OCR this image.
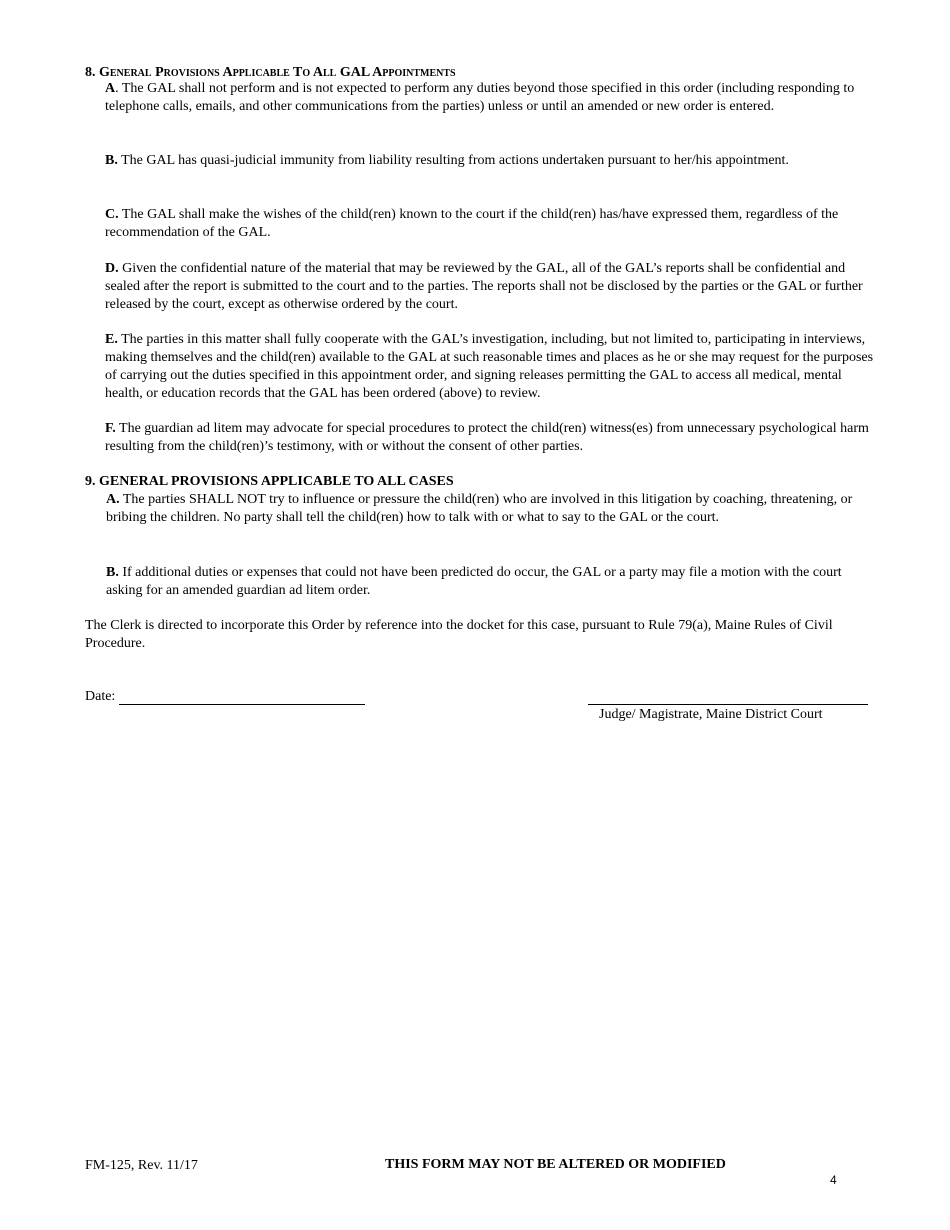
8. General Provisions Applicable To All GAL Appointments
A. The GAL shall not perform and is not expected to perform any duties beyond those specified in this order (including responding to telephone calls, emails, and other communications from the parties) unless or until an amended or new order is entered.
B. The GAL has quasi-judicial immunity from liability resulting from actions undertaken pursuant to her/his appointment.
C. The GAL shall make the wishes of the child(ren) known to the court if the child(ren) has/have expressed them, regardless of the recommendation of the GAL.
D. Given the confidential nature of the material that may be reviewed by the GAL, all of the GAL’s reports shall be confidential and sealed after the report is submitted to the court and to the parties. The reports shall not be disclosed by the parties or the GAL or further released by the court, except as otherwise ordered by the court.
E. The parties in this matter shall fully cooperate with the GAL’s investigation, including, but not limited to, participating in interviews, making themselves and the child(ren) available to the GAL at such reasonable times and places as he or she may request for the purposes of carrying out the duties specified in this appointment order, and signing releases permitting the GAL to access all medical, mental health, or education records that the GAL has been ordered (above) to review.
F. The guardian ad litem may advocate for special procedures to protect the child(ren) witness(es) from unnecessary psychological harm resulting from the child(ren)’s testimony, with or without the consent of other parties.
9. GENERAL PROVISIONS APPLICABLE TO ALL CASES
A. The parties SHALL NOT try to influence or pressure the child(ren) who are involved in this litigation by coaching, threatening, or bribing the children. No party shall tell the child(ren) how to talk with or what to say to the GAL or the court.
B. If additional duties or expenses that could not have been predicted do occur, the GAL or a party may file a motion with the court asking for an amended guardian ad litem order.
The Clerk is directed to incorporate this Order by reference into the docket for this case, pursuant to Rule 79(a), Maine Rules of Civil Procedure.
Date:
Judge/ Magistrate, Maine District Court
FM-125, Rev. 11/17	THIS FORM MAY NOT BE ALTERED OR MODIFIED
4
